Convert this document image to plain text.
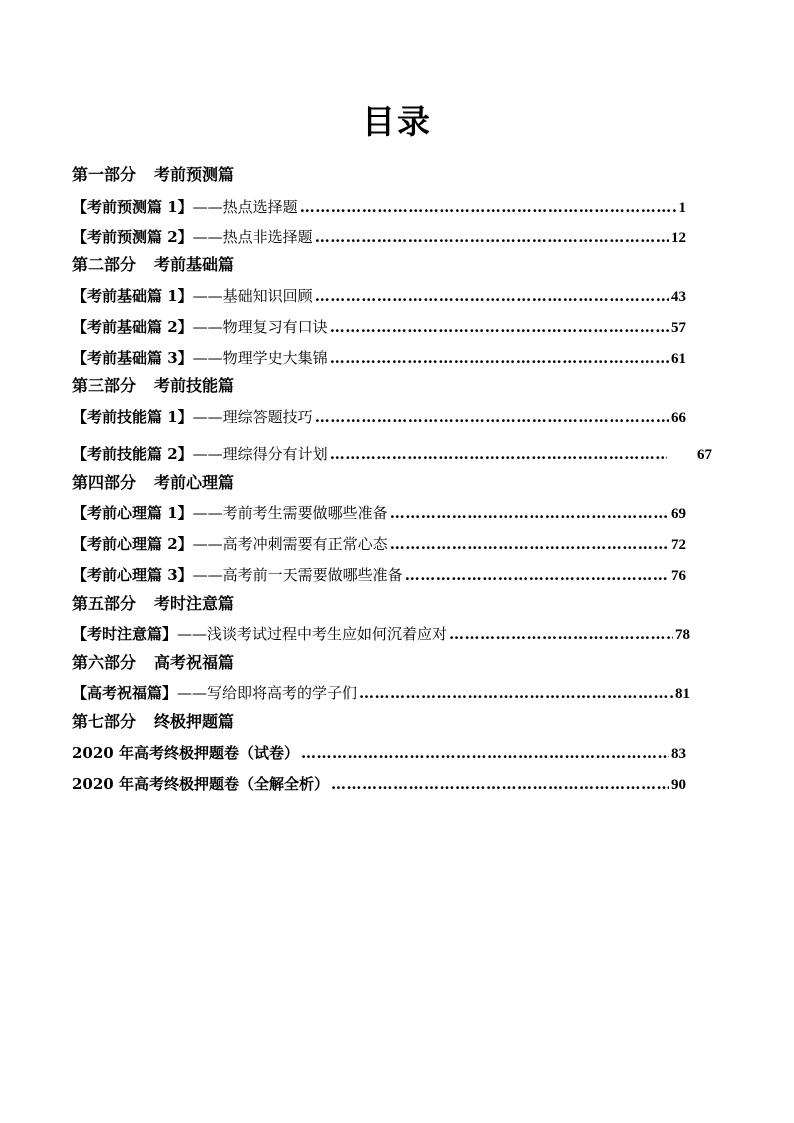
目录
第一部分 考前预测篇
【考前预测篇 1】 ——热点选择题 ………………………………………………………………………………………………………………………………	1
【考前预测篇 2】 ——热点非选择题 ………………………………………………………………………………………………………………………………	12
第二部分 考前基础篇
【考前基础篇 1】 ——基础知识回顾 ………………………………………………………………………………………………………………………………	43
【考前基础篇 2】 ——物理复习有口诀 ………………………………………………………………………………………………………………………………	57
【考前基础篇 3】 ——物理学史大集锦 ………………………………………………………………………………………………………………………………	61
第三部分 考前技能篇
【考前技能篇 1】 ——理综答题技巧 ………………………………………………………………………………………………………………………………	66
【考前技能篇 2】 ——理综得分有计划 ………………………………………………………………………………………………………………………………	67
第四部分 考前心理篇
【考前心理篇 1】 ——考前考生需要做哪些准备 ………………………………………………………………………………………………………………………………	69
【考前心理篇 2】 ——高考冲刺需要有正常心态 ………………………………………………………………………………………………………………………………	72
【考前心理篇 3】 ——高考前一天需要做哪些准备 ………………………………………………………………………………………………………………………………	76
第五部分 考时注意篇
【考时注意篇】 ——浅谈考试过程中考生应如何沉着应对 ………………………………………………………………………………………………………………………………	78
第六部分 高考祝福篇
【高考祝福篇】 ——写给即将高考的学子们 ………………………………………………………………………………………………………………………………	81
第七部分 终极押题篇
2020 年高考终极押题卷（试卷） ………………………………………………………………………………………………………………………………	83
2020 年高考终极押题卷（全解全析） ………………………………………………………………………………………………………………………………	90
